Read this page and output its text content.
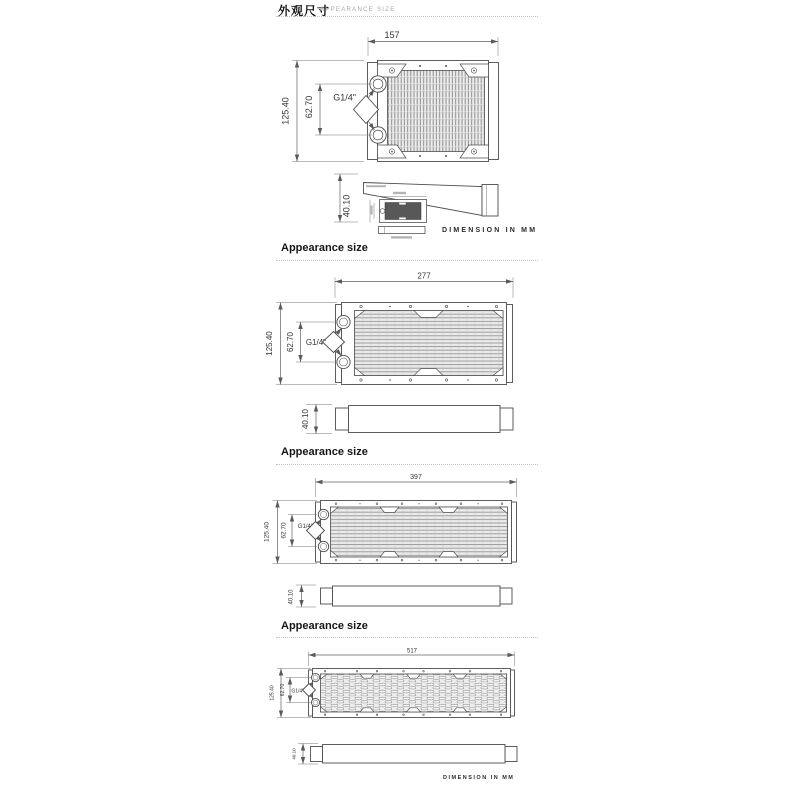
外观尺寸
APPEARANCE SIZE
157
125.40 62.70 G1/4"
40.10
277
125.40 62.70 G1/4"
40.10
397
125.40 62.70 G1/4"
40.10
517
125.40 62.70 G1/4"
40.10
Appearance size
Appearance size
Appearance size
DIMENSION IN MM
DIMENSION IN MM
